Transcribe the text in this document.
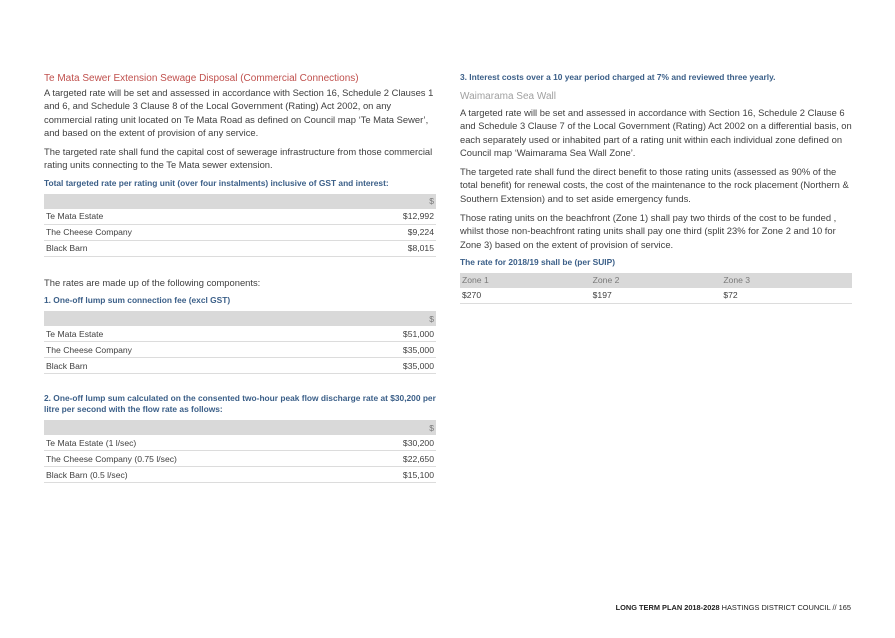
Te Mata Sewer Extension Sewage Disposal (Commercial Connections)

A targeted rate will be set and assessed in accordance with Section 16, Schedule 2 Clauses 1 and 6, and Schedule 3 Clause 8 of the Local Government (Rating) Act 2002, on any commercial rating unit located on Te Mata Road as defined on Council map ‘Te Mata Sewer’, and based on the extent of provision of any service.

The targeted rate shall fund the capital cost of sewerage infrastructure from those commercial rating units connecting to the Te Mata sewer extension.

Total targeted rate per rating unit (over four instalments) inclusive of GST and interest:
	$
Te Mata Estate	$12,992
The Cheese Company	$9,224
Black Barn	$8,015

The rates are made up of the following components:

1. One-off lump sum connection fee (excl GST)
	$
Te Mata Estate	$51,000
The Cheese Company	$35,000
Black Barn	$35,000
2. One-off lump sum calculated on the consented two-hour peak flow discharge rate at $30,200 per litre per second with the flow rate as follows:
	$
Te Mata Estate (1 l/sec)	$30,200
The Cheese Company (0.75 l/sec)	$22,650
Black Barn (0.5 l/sec)	$15,100
3. Interest costs over a 10 year period charged at 7% and reviewed three yearly.
Waimarama Sea Wall

A targeted rate will be set and assessed in accordance with Section 16, Schedule 2 Clause 6 and Schedule 3 Clause 7 of the Local Government (Rating) Act 2002 on a differential basis, on each separately used or inhabited part of a rating unit within each individual zone defined on Council map ‘Waimarama Sea Wall Zone’.

The targeted rate shall fund the direct benefit to those rating units (assessed as 90% of the total benefit) for renewal costs, the cost of the maintenance to the rock placement (Northern & Southern Extension) and to set aside emergency funds.

Those rating units on the beachfront (Zone 1) shall pay two thirds of the cost to be funded , whilst those non-beachfront rating units shall pay one third (split 23% for Zone 2 and 10 for Zone 3) based on the extent of provision of service.

The rate for 2018/19 shall be (per SUIP)
Zone 1	Zone 2	Zone 3
$270	$197	$72
LONG TERM PLAN 2018-2028 HASTINGS DISTRICT COUNCIL // 165
